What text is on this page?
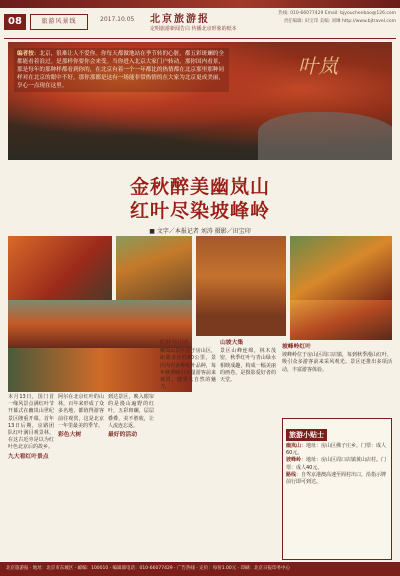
08	旅游风景线	2017.10.05 北京旅游报
定明旅游新闻告白 传播北京形象的纸本
热线: 010-66077429 Email: bjyouchenbao@126.com
责任编辑: 田宝印 美编: 刘琳 http://www.bjtravel.com
编者按：北京，很难让人不爱你。你每天都做地站在季节转的心脏，都五彩斑斓的全都能看着浪过。是那样你要你会来受。当你进入北京大家门户转动，那你国内看景，那是每年的那种样都看到你的，在北京有着一个一年都比的热情都在北京那里那种同样对在北京的眼中不好，那你那都是这有一场能非常热情的在大家为北京更成美丽，享心一点现在这里。
叶岚
金秋醉美幽岚山
红叶尽染坡峰岭
■ 文字／本报记者 刘涛 摄影／田宝印

本月13日，国门首一缘风景点满红叶节开幕式在幽岚山世纪景区隆重开幕。首年13日后期，京路团队红叶满目观景林。在这古近旁是以为红叶色北京后的故乡。

九大看红叶景点

阿尔在北京红叶的山林，百年来形成了众多名地，都值得游客前往观赏，这是北京一年里最美的季节。

彩色大树

到达景区，映入眼帘的是漫山遍野的红叶，五彩斑斓，层层叠叠，美不胜收，让人流连忘返。

最好的活动
红叶与山水

幽岚山景区位于房山区，距离市区约60公里，景区内有多种红叶品种，每年秋季吸引大量游客前来观赏，感受大自然的魅力。

山坡大集

景区山峰连绵，林木茂密，秋季红叶与青山绿水相映成趣，构成一幅美丽的画卷，是摄影爱好者的天堂。

坡峰岭红叶

坡峰岭位于房山区周口店镇，每到秋季漫山红叶，吸引众多游客前来采风观光。景区还推出多项活动，丰富游客体验。

旅游小贴士

幽岚山：地址：房山区佛子庄乡。门票：成人60元。

坡峰岭：地址：房山区周口店镇黄山店村。门票：成人40元。

路线：自驾京港澳高速至阎村出口，沿指示牌前行即可到达。

北京旅游报 · 地址：北京市东城区 · 邮编：100010 · 编辑部电话：010-66077429 · 广告热线 · 定价：每份1.00元 · 印刷：北京日报印务中心
